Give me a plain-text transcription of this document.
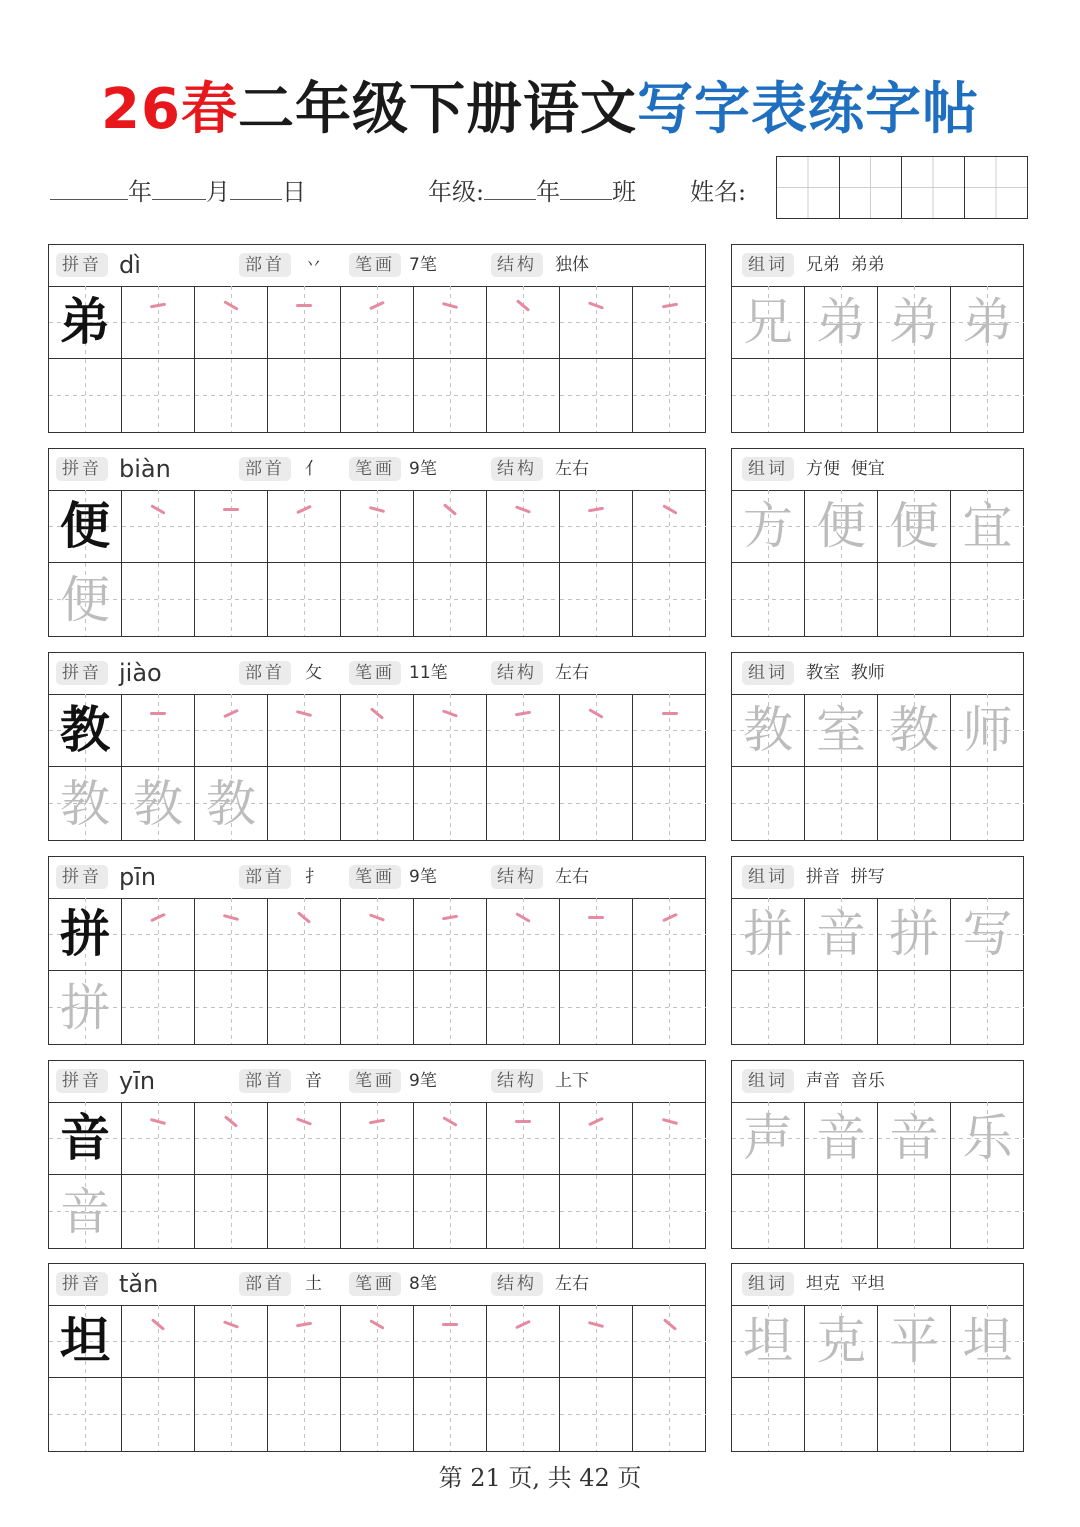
26春二年级下册语文写字表练字帖
年 月 日	年级: 年 班 姓名:
拼音 dì	部首	丷	笔画 7笔	结构	独体
弟
组词	兄弟  弟弟
兄 弟 弟 弟
拼音 biàn	部首	亻	笔画 9笔	结构	左右
便
便
组词	方便  便宜
方 便 便 宜
拼音 jiào	部首	攵	笔画 11笔	结构	左右
教
教 教 教
组词	教室  教师
教 室 教 师
拼音 pīn	部首	扌	笔画 9笔	结构	左右
拼
拼
组词	拼音  拼写
拼 音 拼 写
拼音 yīn	部首	音	笔画 9笔	结构	上下
音
音
组词	声音  音乐
声 音 音 乐
拼音 tǎn	部首	土	笔画 8笔	结构	左右
坦
组词	坦克  平坦
坦 克 平 坦
第 21 页, 共 42 页
